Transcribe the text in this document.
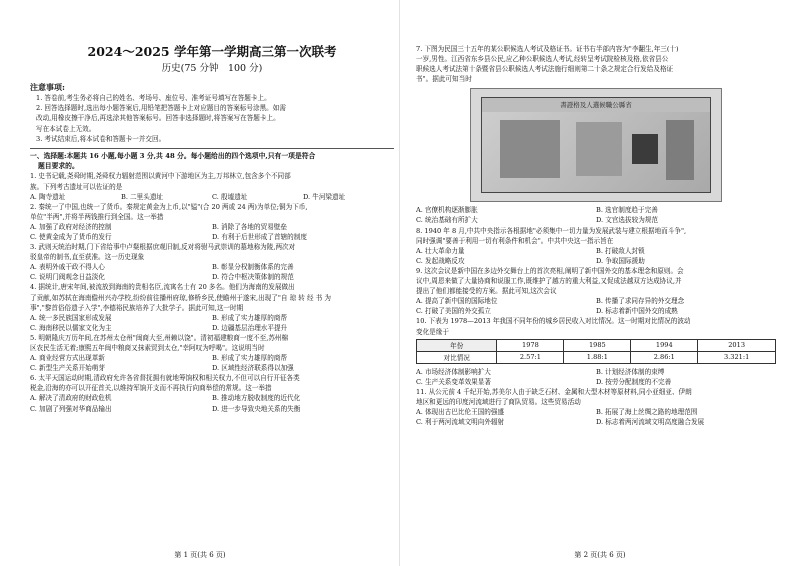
2024～2025 学年第一学期高三第一次联考
历史(75 分钟　100 分)
注意事项:
1. 答卷前,考生务必将自己的姓名、考场号、座位号、准考证号填写在答题卡上。
2. 回答选择题时,选出每小题答案后,用铅笔把答题卡上对应题目的答案标号涂黑。如需
改动,用橡皮擦干净后,再选涂其他答案标号。回答非选择题时,将答案写在答题卡上。
写在本试卷上无效。
3. 考试结束后,将本试卷和答题卡一并交回。
一、选择题:本题共 16 小题,每小题 3 分,共 48 分。每小题给出的四个选项中,只有一项是符合
题目要求的。
1. 史书记载,尧舜时期,尧舜权力辐射范围以黄河中下游地区为主,万邦林立,包含多个不同部
族。下列考古遗址可以佐证的是
A. 陶寺遗址	B. 二里头遗址	C. 殷墟遗址	D. 牛河梁遗址
2. 秦统一了中国,也统一了货币。秦规定黄金为上币,以"镒"(合 20 两或 24 两)为单位;铜为下币,
单位"半两",并将半两钱推行到全国。这一举措
A. 加强了政府对经济的控制	B. 消除了各地的贸易壁垒
C. 使黄金成为了货币的发行	D. 有利于后世形成了首辖的制度
3. 武则天统治时期,门下省给事中卢粲根据庶观旧制,反对将驸马武崇训的墓地称为陵,两次对
驳皇帝的制书,直至获准。这一历史现象
A. 表明外戚干政不得人心	B. 彰显分权制衡体系的完善
C. 说明门阀观念日益淡化	D. 符合中枢决策体制的规范
4. 据统计,唐宋年间,被流放到海南的贵相名臣,流寓名士有 20 多名。他们为海南的发展做出
了贡献,如苏轼在海南儋州兴办学校,纷纷前往播州府琼,修桥乡民,使瞻州于遂宋,出现了"自 琼 转 经 书 为
事","黎首俗俗遗子入学",李德裕民族培养了大批学子。据此可知,这一时期
A. 统一多民族国家形成发展	B. 形成了实力雄厚的商帮
C. 海南移民以儒家文化为主	D. 边疆基层治理水平提升
5. 明朝隆庆万历年间,在苏州太仓州"闽商大至,州赖以饶"。清初福建粮商一度不至,苏州棉
区农民生活无着;康熙五年闽中粮商又抹素贸到太仓,"幸阿叹为呼喝"。这说明当时
A. 商业经营方式出现革新	B. 形成了实力雄厚的商帮
C. 新型生产关系开始萌芽	D. 区域性经济联系得以加强
6. 太平天国运动时期,清政府允许各省督抚拥有就地筹饷权和相关权力,不但可以自行开征各类
税金,沿海的亦可以开征首关,以维持军饷开支而不再执行向商举偿的常规。这一举措
A. 解决了清政府的财政危机	B. 推动地方脱收制度的近代化
C. 加剧了列强对华商品输出	D. 进一步导致央地关系的失衡
第 1 页(共 6 页)
7. 下图为民国三十五年的某公职候选人考试及格证书。证书右半部内容为"李翻生,年三(十)
一岁,男性。江西省东乡县公民,应乙种公职候选人考试,经转呈考试院检核及格,依省县公
职候选人考试法第十条暨省县公职候选人考试法施行细则第二十条之规定合行发给及格证
书"。据此可知当时
書證格及人選候職公縣省
A. 官僚机构逐渐膨胀	B. 选官制度趋于完善
C. 统治基础有所扩大	D. 文官选拔较为规范
8. 1940 年 8 月,中共中央指示各根据地"必须集中一切力量为发展武装与建立根据地而斗争",
同时强调"要善于利用一切有利条件和机会"。中共中央这一指示旨在
A. 壮大革命力量	B. 打破敌人封锁
C. 发起战略反攻	D. 争取国际援助
9. 这次会议是新中国在多边外交舞台上的首次亮相,阐明了新中国外交的基本理念和原则。会
议中,周恩来做了大量协商和说服工作,既维护了越方的重大利益,又促成法越双方达成协议,并
提出了他们都能接受的方案。据此可知,这次会议
A. 提高了新中国的国际地位	B. 传播了求同存异的外交理念
C. 打破了美国的外交孤立	D. 标志着新中国外交的成熟
10. 下表为 1978—2013 年我国不同年份的城乡居民收入对比情况。这一时期对比情况的波动
变化是缘于
年份	1978	1985	1994	2013
对比情况	2.57:1	1.88:1	2.86:1	3.321:1
A. 市场经济体制影响扩大	B. 计划经济体制的束缚
C. 生产关系变革效果显著	D. 按劳分配制度的不完善
11. 从公元前 4 千纪开始,苏美尔人由于缺乏石材、金属和大型木材等原材料,同小亚细亚、伊朗
地区和更远的印度河流域进行了商队贸易。这些贸易活动
A. 体现出古巴比伦王国的强盛	B. 拓展了海上丝绸之路的地理范围
C. 利于两河流域文明向外辐射	D. 标志着两河流域文明高度融合发展
第 2 页(共 6 页)
